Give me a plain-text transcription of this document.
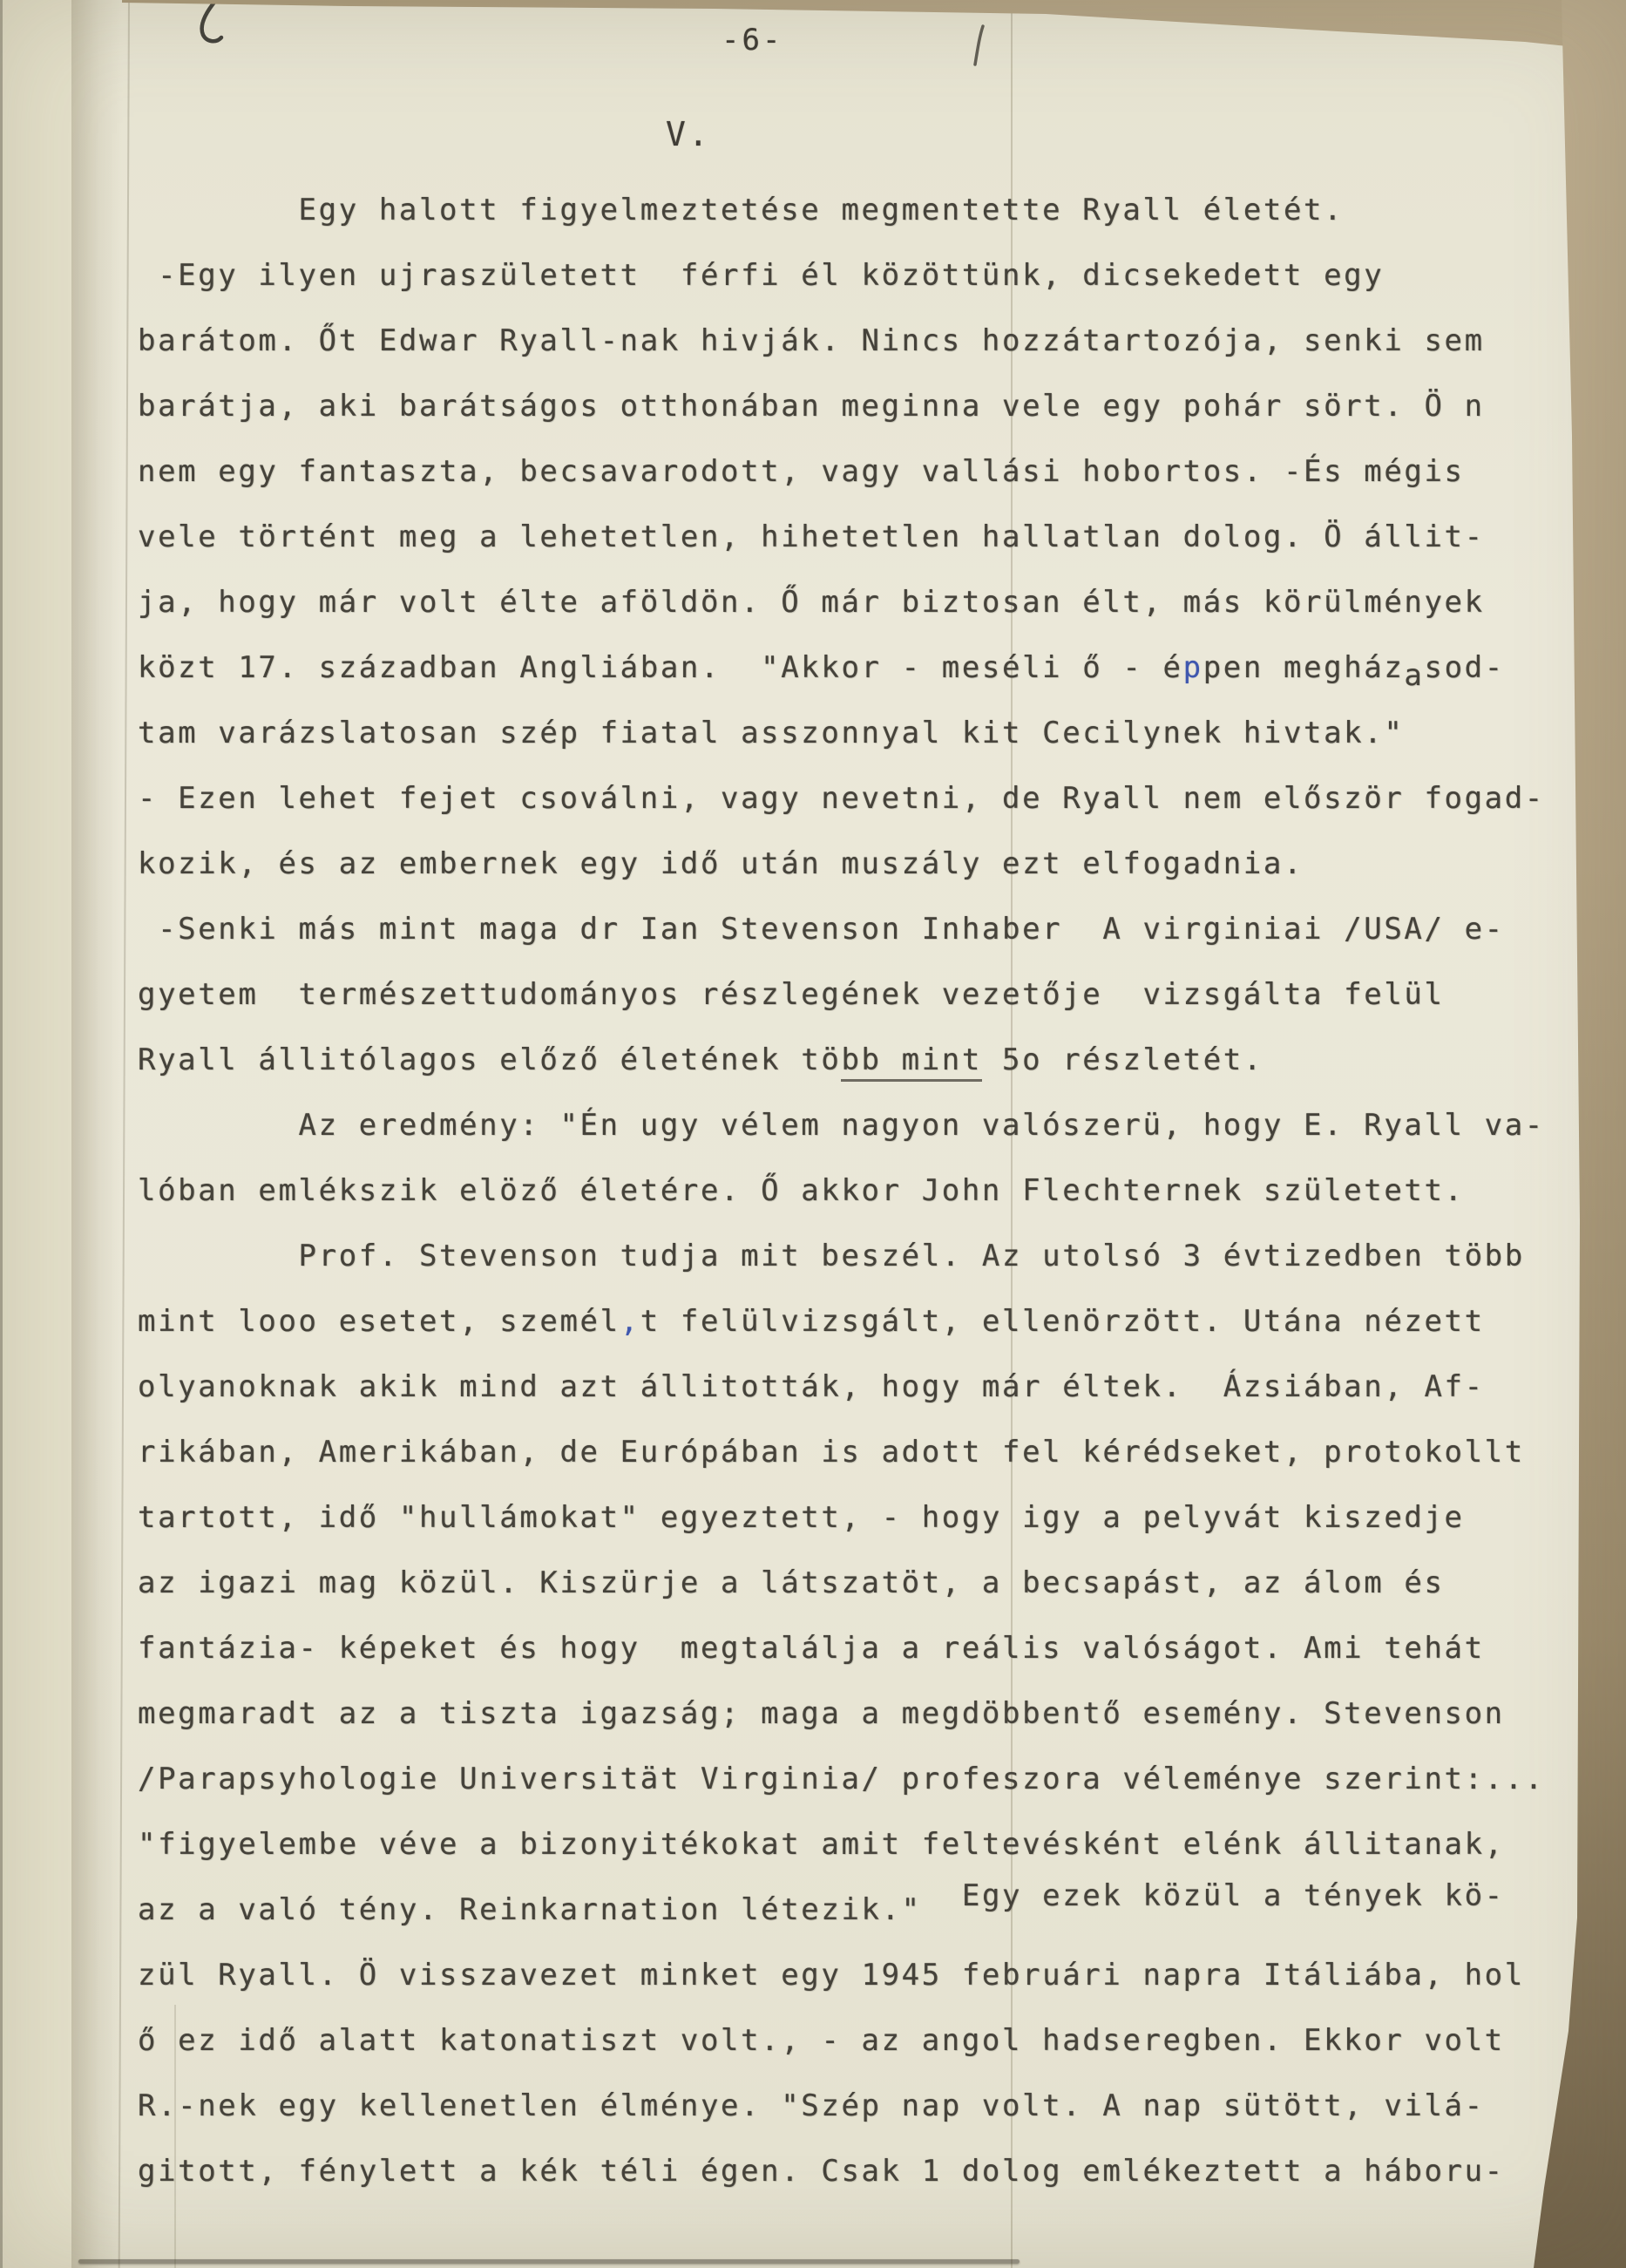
-6-
V.
Egy halott figyelmeztetése megmentette Ryall életét.
-Egy ilyen ujraszületett  férfi él közöttünk, dicsekedett egy
barátom. Őt Edwar Ryall-nak hivják. Nincs hozzátartozója, senki sem
barátja, aki barátságos otthonában meginna vele egy pohár sört. Ö n
nem egy fantaszta, becsavarodott, vagy vallási hobortos. -És mégis
vele történt meg a lehetetlen, hihetetlen hallatlan dolog. Ö állit-
ja, hogy már volt élte aföldön. Ő már biztosan élt, más körülmények
közt 17. században Angliában.  "Akkor - meséli ő - éppen megházasod-
tam varázslatosan szép fiatal asszonnyal kit Cecilynek hivtak."
- Ezen lehet fejet csoválni, vagy nevetni, de Ryall nem először fogad-
kozik, és az embernek egy idő után muszály ezt elfogadnia.
-Senki más mint maga dr Ian Stevenson Inhaber  A virginiai /USA/ e-
gyetem  természettudományos részlegének vezetője  vizsgálta felül
Ryall állitólagos előző életének több mint 5o részletét.
Az eredmény: "Én ugy vélem nagyon valószerü, hogy E. Ryall va-
lóban emlékszik elöző életére. Ő akkor John Flechternek született.
Prof. Stevenson tudja mit beszél. Az utolsó 3 évtizedben több
mint looo esetet, személ‚t felülvizsgált, ellenörzött. Utána nézett
olyanoknak akik mind azt állitották, hogy már éltek.  Ázsiában, Af-
rikában, Amerikában, de Európában is adott fel kérédseket, protokollt
tartott, idő "hullámokat" egyeztett, - hogy igy a pelyvát kiszedje
az igazi mag közül. Kiszürje a látszatöt, a becsapást, az álom és
fantázia- képeket és hogy  megtalálja a reális valóságot. Ami tehát
megmaradt az a tiszta igazság; maga a megdöbbentő esemény. Stevenson
/Parapsyhologie Universität Virginia/ profeszora véleménye szerint:...
"figyelembe véve a bizonyitékokat amit feltevésként elénk állitanak,
az a való tény. Reinkarnation létezik."  Egy ezek közül a tények kö-
zül Ryall. Ö visszavezet minket egy 1945 februári napra Itáliába, hol
ő ez idő alatt katonatiszt volt., - az angol hadseregben. Ekkor volt
R.-nek egy kellenetlen élménye. "Szép nap volt. A nap sütött, vilá-
gitott, fénylett a kék téli égen. Csak 1 dolog emlékeztett a háboru-
